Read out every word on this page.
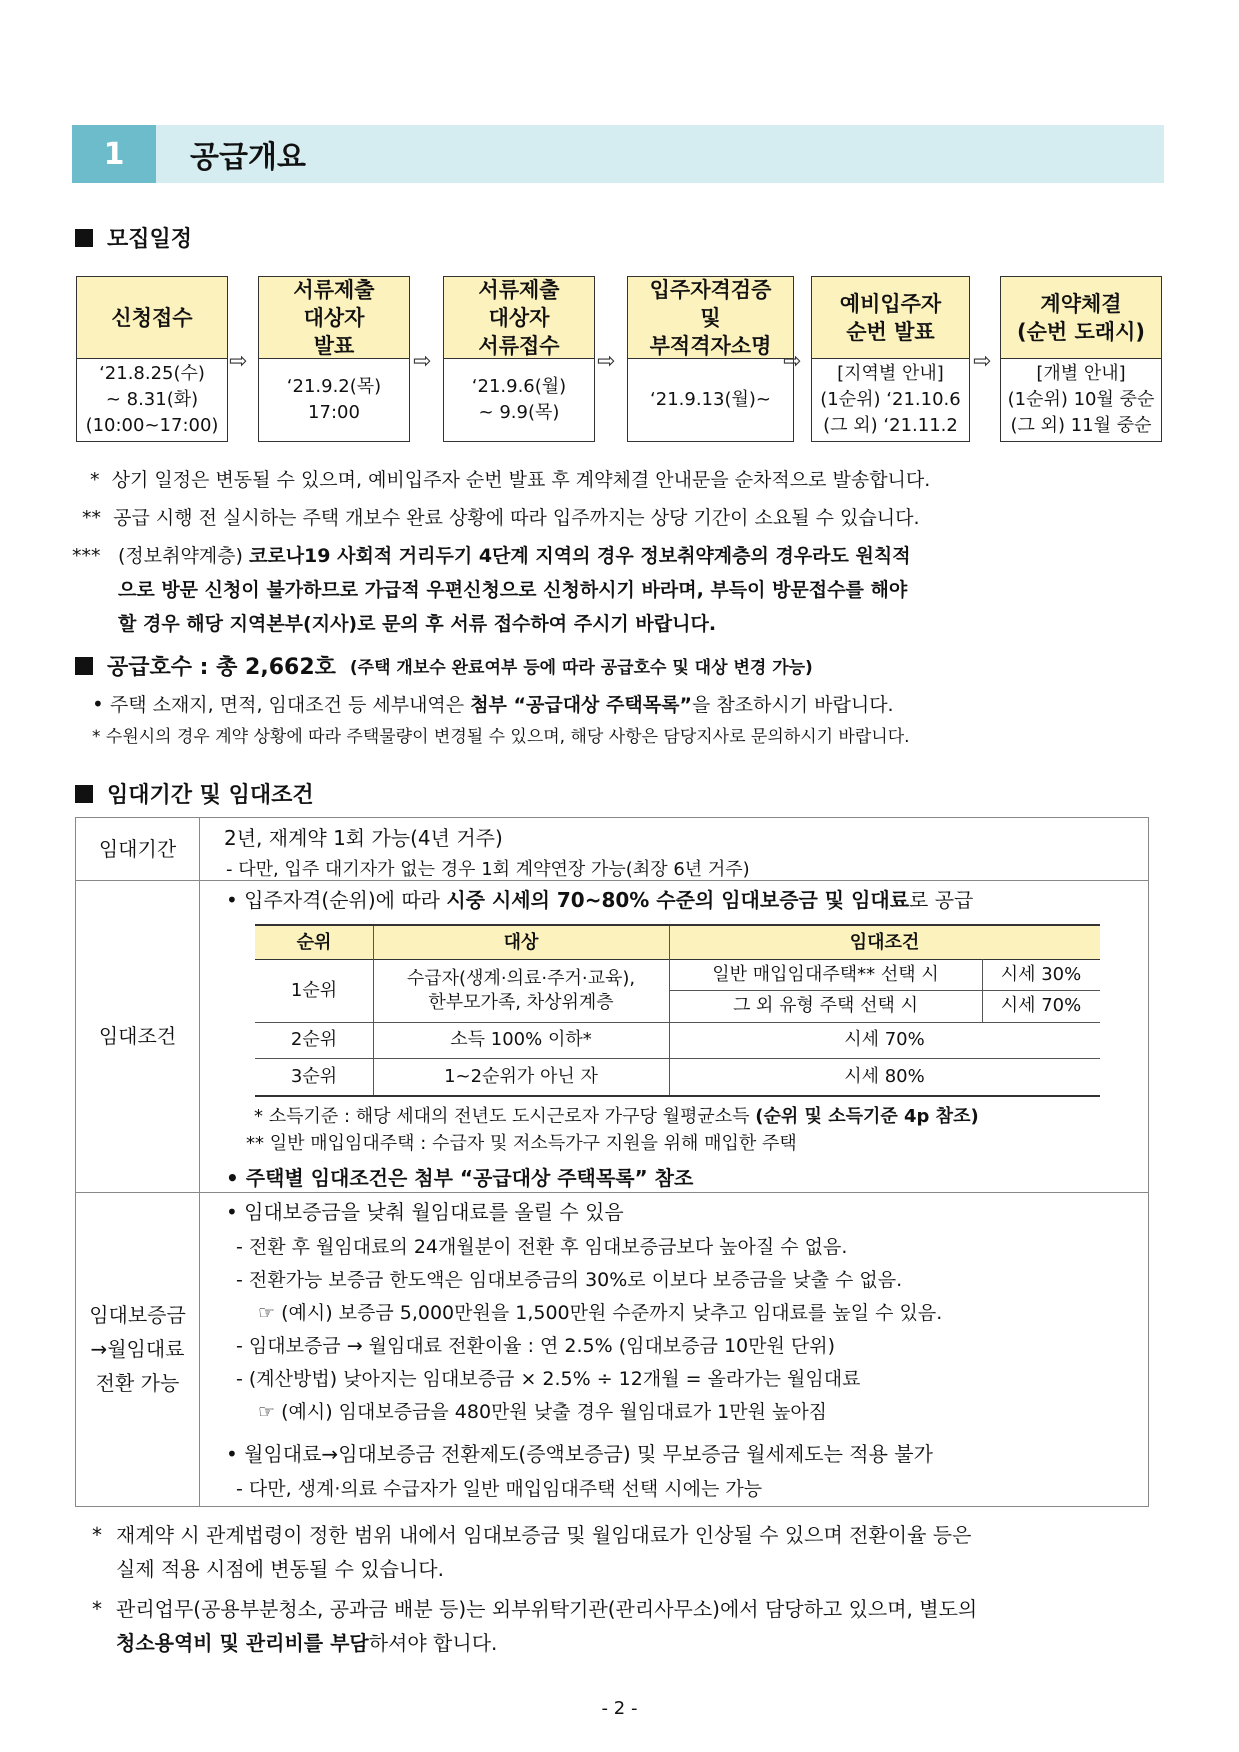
1	공급개요
모집일정
신청접수
‘21.8.25(수)
~ 8.31(화)
(10:00~17:00)
서류제출
대상자
발표
‘21.9.2(목)
17:00
서류제출
대상자
서류접수
‘21.9.6(월)
~ 9.9(목)
입주자격검증
및
부적격자소명
‘21.9.13(월)~
예비입주자
순번 발표
[지역별 안내]
(1순위) ‘21.10.6
(그 외) ‘21.11.2
계약체결
(순번 도래시)
[개별 안내]
(1순위) 10월 중순
(그 외) 11월 중순
⇨	⇨	⇨	⇨	⇨
* 상기 일정은 변동될 수 있으며, 예비입주자 순번 발표 후 계약체결 안내문을 순차적으로 발송합니다.
** 공급 시행 전 실시하는 주택 개보수 완료 상황에 따라 입주까지는 상당 기간이 소요될 수 있습니다.
*** (정보취약계층) 코로나19 사회적 거리두기 4단계 지역의 경우 정보취약계층의 경우라도 원칙적
으로 방문 신청이 불가하므로 가급적 우편신청으로 신청하시기 바라며, 부득이 방문접수를 해야
할 경우 해당 지역본부(지사)로 문의 후 서류 접수하여 주시기 바랍니다.
공급호수 : 총 2,662호 (주택 개보수 완료여부 등에 따라 공급호수 및 대상 변경 가능)
• 주택 소재지, 면적, 임대조건 등 세부내역은 첨부 “공급대상 주택목록”을 참조하시기 바랍니다.
* 수원시의 경우 계약 상황에 따라 주택물량이 변경될 수 있으며, 해당 사항은 담당지사로 문의하시기 바랍니다.
임대기간 및 임대조건
임대기간	2년, 재계약 1회 가능(4년 거주)
- 다만, 입주 대기자가 없는 경우 1회 계약연장 가능(최장 6년 거주)
임대조건
• 입주자격(순위)에 따라 시중 시세의 70~80% 수준의 임대보증금 및 임대료로 공급
* 소득기준 : 해당 세대의 전년도 도시근로자 가구당 월평균소득 (순위 및 소득기준 4p 참조)
** 일반 매입임대주택 : 수급자 및 저소득가구 지원을 위해 매입한 주택
• 주택별 임대조건은 첨부 “공급대상 주택목록” 참조
임대보증금
→월임대료
전환 가능
• 임대보증금을 낮춰 월임대료를 올릴 수 있음
- 전환 후 월임대료의 24개월분이 전환 후 임대보증금보다 높아질 수 없음.
- 전환가능 보증금 한도액은 임대보증금의 30%로 이보다 보증금을 낮출 수 없음.
☞ (예시) 보증금 5,000만원을 1,500만원 수준까지 낮추고 임대료를 높일 수 있음.
- 임대보증금 → 월임대료 전환이율 : 연 2.5% (임대보증금 10만원 단위)
- (계산방법) 낮아지는 임대보증금 × 2.5% ÷ 12개월 = 올라가는 월임대료
☞ (예시) 임대보증금을 480만원 낮출 경우 월임대료가 1만원 높아짐
• 월임대료→임대보증금 전환제도(증액보증금) 및 무보증금 월세제도는 적용 불가
- 다만, 생계·의료 수급자가 일반 매입임대주택 선택 시에는 가능
순위	대상	임대조건
1순위
수급자(생계·의료·주거·교육),
한부모가족, 차상위계층
일반 매입임대주택** 선택 시	시세 30%
그 외 유형 주택 선택 시	시세 70%
2순위	소득 100% 이하*	시세 70%
3순위	1~2순위가 아닌 자	시세 80%
* 재계약 시 관계법령이 정한 범위 내에서 임대보증금 및 월임대료가 인상될 수 있으며 전환이율 등은
실제 적용 시점에 변동될 수 있습니다.
* 관리업무(공용부분청소, 공과금 배분 등)는 외부위탁기관(관리사무소)에서 담당하고 있으며, 별도의
청소용역비 및 관리비를 부담하셔야 합니다.
- 2 -
